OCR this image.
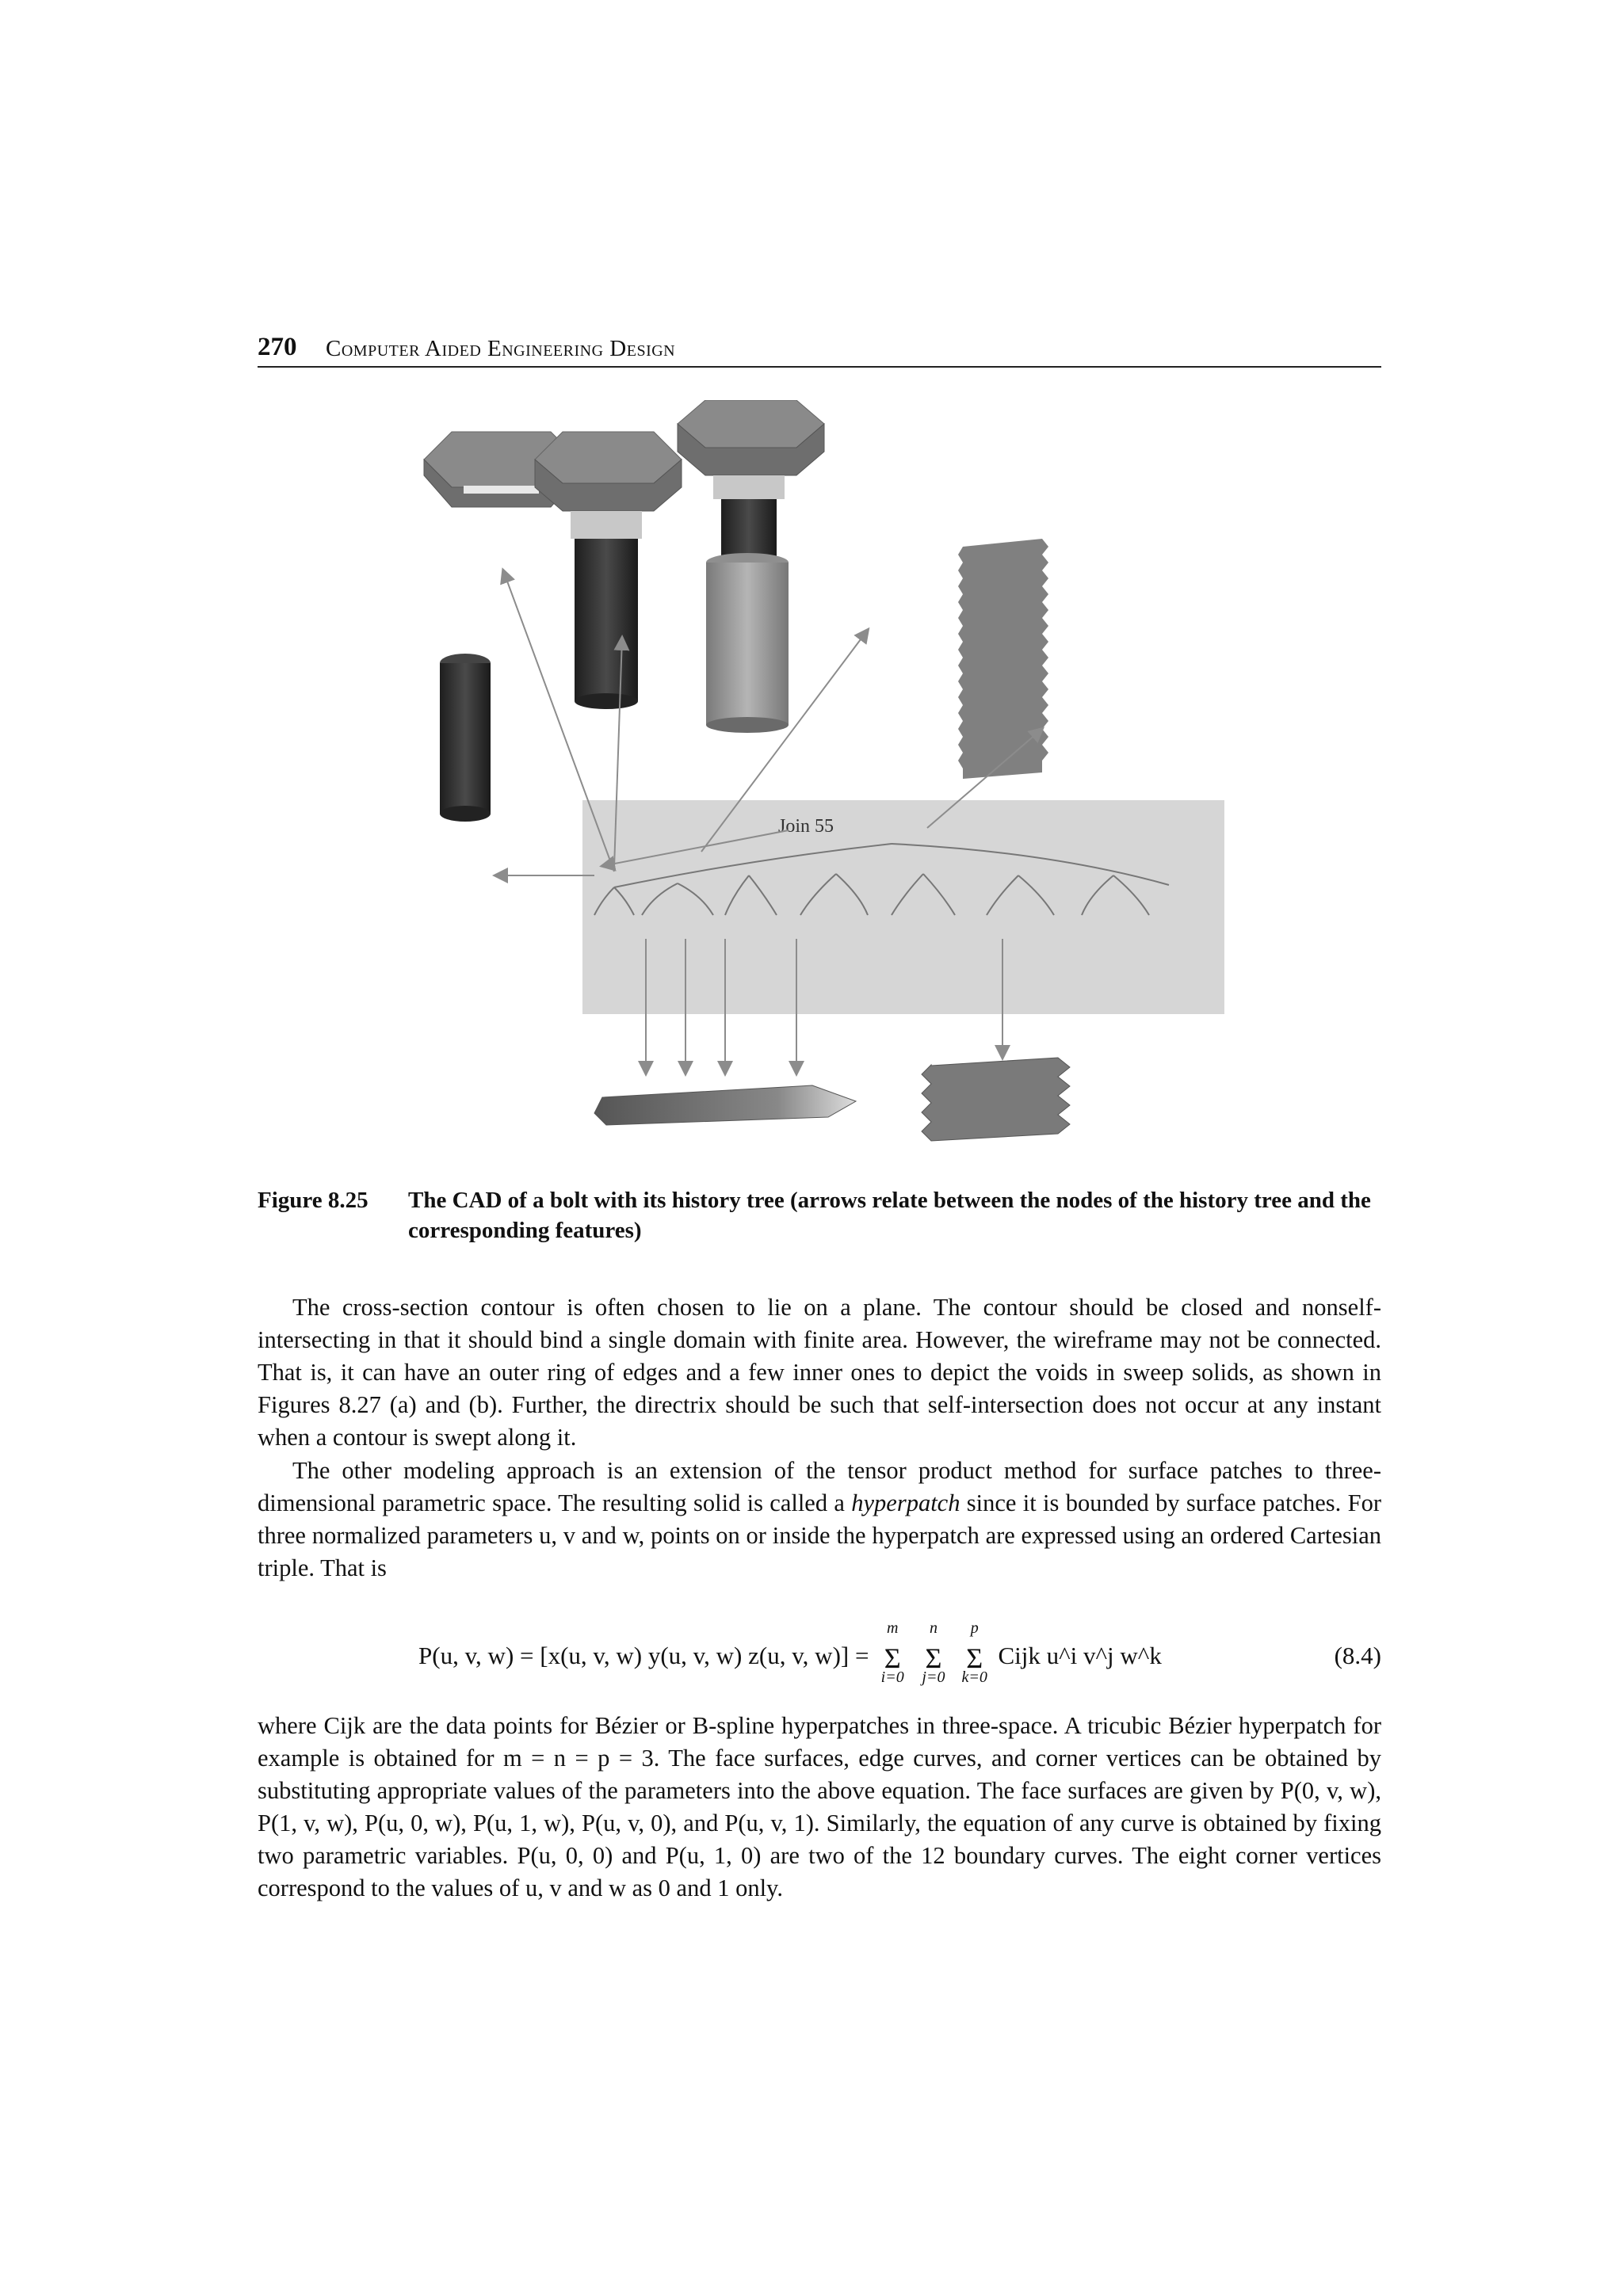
270 Computer Aided Engineering Design
Join 55
Figure 8.25 The CAD of a bolt with its history tree (arrows relate between the nodes of the history tree and the corresponding features)
The cross-section contour is often chosen to lie on a plane. The contour should be closed and nonself-intersecting in that it should bind a single domain with finite area. However, the wireframe may not be connected. That is, it can have an outer ring of edges and a few inner ones to depict the voids in sweep solids, as shown in Figures 8.27 (a) and (b). Further, the directrix should be such that self-intersection does not occur at any instant when a contour is swept along it.
The other modeling approach is an extension of the tensor product method for surface patches to three-dimensional parametric space. The resulting solid is called a hyperpatch since it is bounded by surface patches. For three normalized parameters u, v and w, points on or inside the hyperpatch are expressed using an ordered Cartesian triple. That is
P(u, v, w) = [x(u, v, w) y(u, v, w) z(u, v, w)] =
m
Σ
i=0

n
Σ
j=0

p
Σ
k=0
Cijk u^i v^j w^k	(8.4)
where Cijk are the data points for Bézier or B-spline hyperpatches in three-space. A tricubic Bézier hyperpatch for example is obtained for m = n = p = 3. The face surfaces, edge curves, and corner vertices can be obtained by substituting appropriate values of the parameters into the above equation. The face surfaces are given by P(0, v, w), P(1, v, w), P(u, 0, w), P(u, 1, w), P(u, v, 0), and P(u, v, 1). Similarly, the equation of any curve is obtained by fixing two parametric variables. P(u, 0, 0) and P(u, 1, 0) are two of the 12 boundary curves. The eight corner vertices correspond to the values of u, v and w as 0 and 1 only.
